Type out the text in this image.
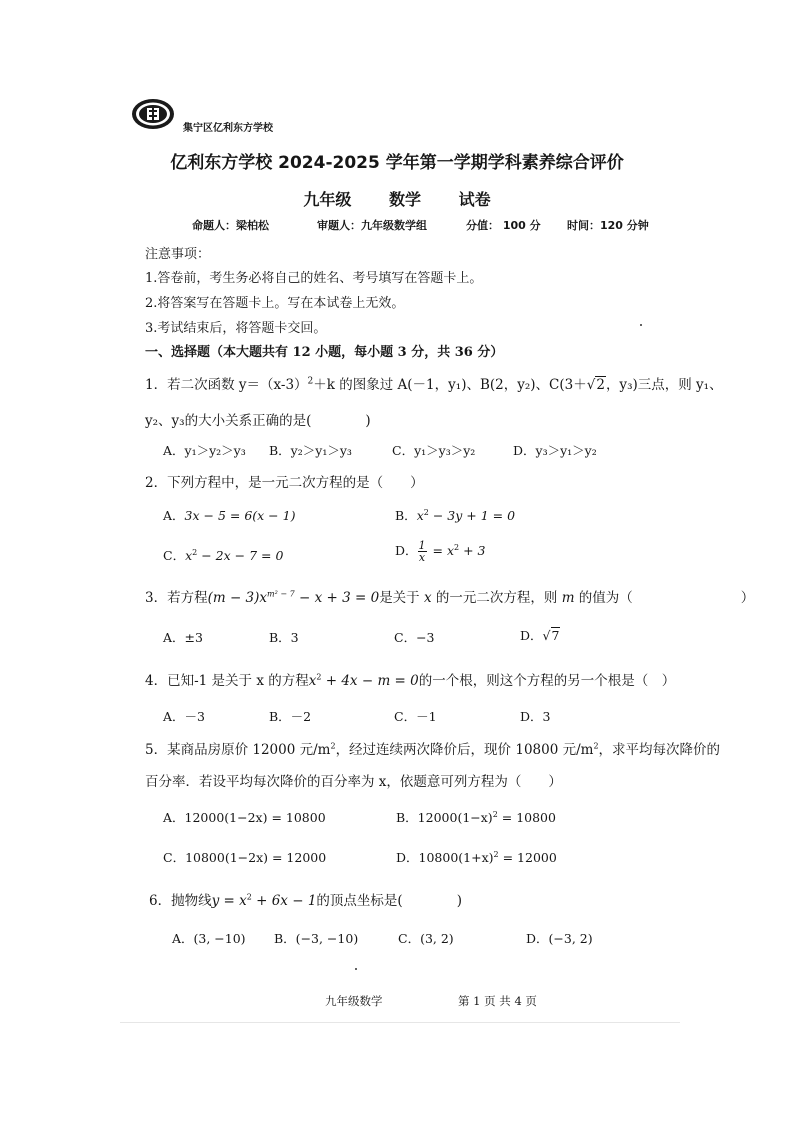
集宁区亿利东方学校
亿利东方学校 2024-2025 学年第一学期学科素养综合评价
九年级 数学 试卷
命题人：梁柏松	审题人：九年级数学组	分值： 100 分 时间：120 分钟
注意事项：
1.答卷前，考生务必将自己的姓名、考号填写在答题卡上。
2.将答案写在答题卡上。写在本试卷上无效。
3.考试结束后，将答题卡交回。
一、选择题（本大题共有 12 小题，每小题 3 分，共 36 分）
1．若二次函数 $y=(x-3)^2+k$ 的图象过 A(－1，y₁)、B(2，y₂)、C(3＋√2，y₃)三点，则 y₁、
y₂、y₃的大小关系正确的是(　　　　)
A．y₁＞y₂＞y₃ B．y₂＞y₁＞y₃	C．y₁＞y₃＞y₂	D．y₃＞y₁＞y₂
2．下列方程中，是一元二次方程的是（　　）
A．3x − 5 = 6(x − 1)	B．$x^2 - 3y + 1 = 0$
C．$x^2 - 2x - 7 = 0$	D． $\frac{1}{x} = x^2 + 3$
3．若方程$(m - 3)x^{m^2 - 7} - x + 3 = 0$是关于 x 的一元二次方程，则 m 的值为（　　　　　　　　）
A．±3	B．3	C．−3	D．√7
4．已知-1 是关于 x 的方程$x^2 + 4x - m = 0$的一个根，则这个方程的另一个根是（　）
A．－3	B．－2	C．－1	D．3
5．某商品房原价 12000 元$/m^2$，经过连续两次降价后，现价 10800 元$/m^2$，求平均每次降价的
百分率．若设平均每次降价的百分率为 x，依题意可列方程为（　　）
A．12000(1−2x) = 10800	B．$12000(1-x)^2 = 10800$
C．10800(1−2x) = 12000	D．$10800(1+x)^2 = 12000$
6．抛物线$y = x^2 + 6x - 1$的顶点坐标是(　　　　)
A．(3, −10) B．(−3, −10)	C．(3, 2)	D．(−3, 2)
九年级数学	第 1 页 共 4 页
